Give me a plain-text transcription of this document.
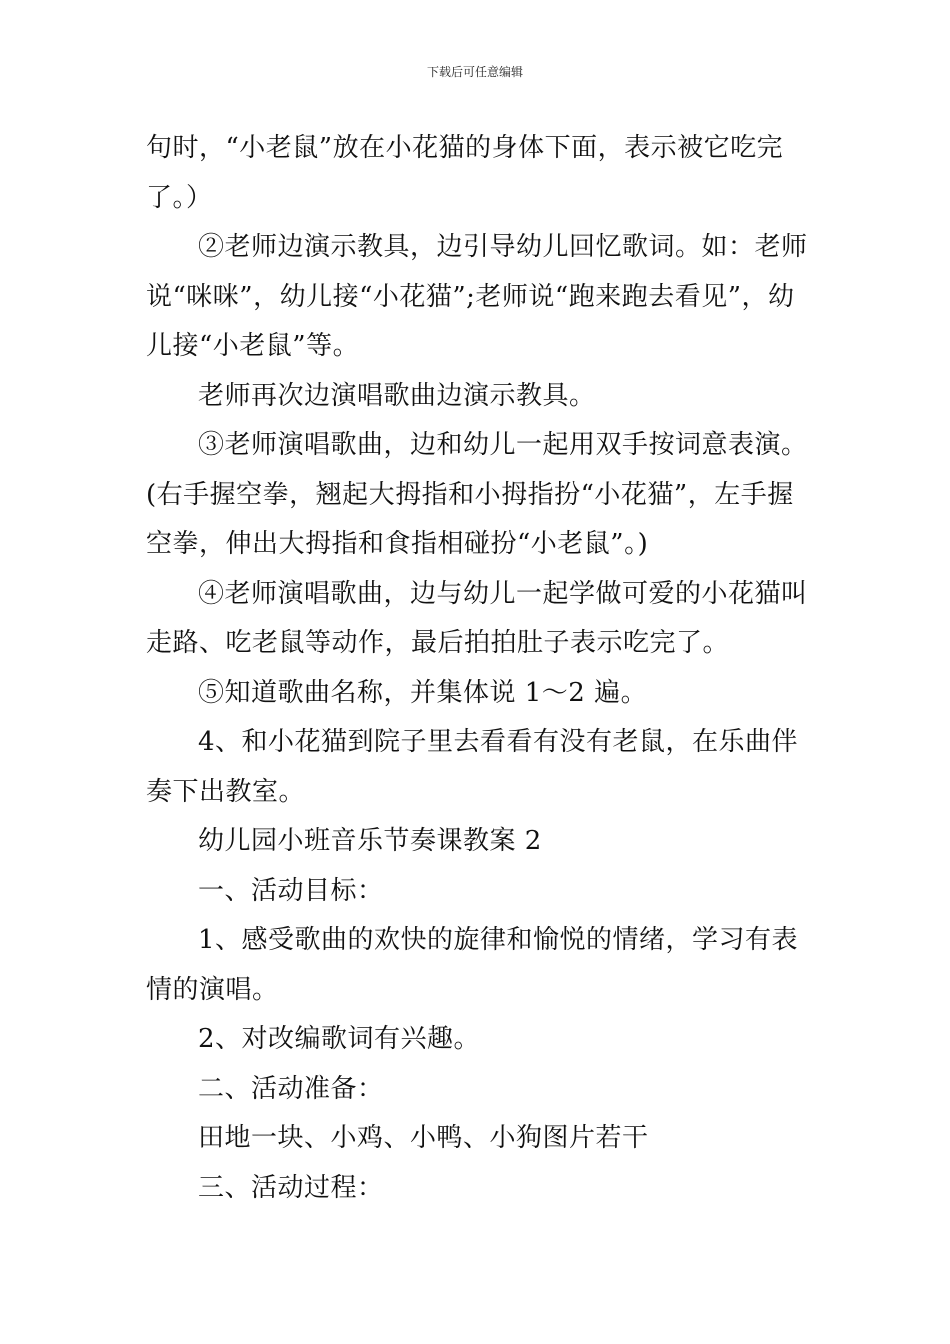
下载后可任意编辑

句时，“小老鼠”放在小花猫的身体下面，表示被它吃完了。）

②老师边演示教具，边引导幼儿回忆歌词。如：老师说“咪咪”，幼儿接“小花猫”;老师说“跑来跑去看见”，幼儿接“小老鼠”等。

老师再次边演唱歌曲边演示教具。

③老师演唱歌曲，边和幼儿一起用双手按词意表演。

(右手握空拳，翘起大拇指和小拇指扮“小花猫”，左手握空拳，伸出大拇指和食指相碰扮“小老鼠”。)

④老师演唱歌曲，边与幼儿一起学做可爱的小花猫叫走路、吃老鼠等动作，最后拍拍肚子表示吃完了。

⑤知道歌曲名称，并集体说 1～2 遍。

4、和小花猫到院子里去看看有没有老鼠，在乐曲伴奏下出教室。

幼儿园小班音乐节奏课教案 2

一、活动目标：

1、感受歌曲的欢快的旋律和愉悦的情绪，学习有表情的演唱。

2、对改编歌词有兴趣。

二、活动准备：

田地一块、小鸡、小鸭、小狗图片若干

三、活动过程：
